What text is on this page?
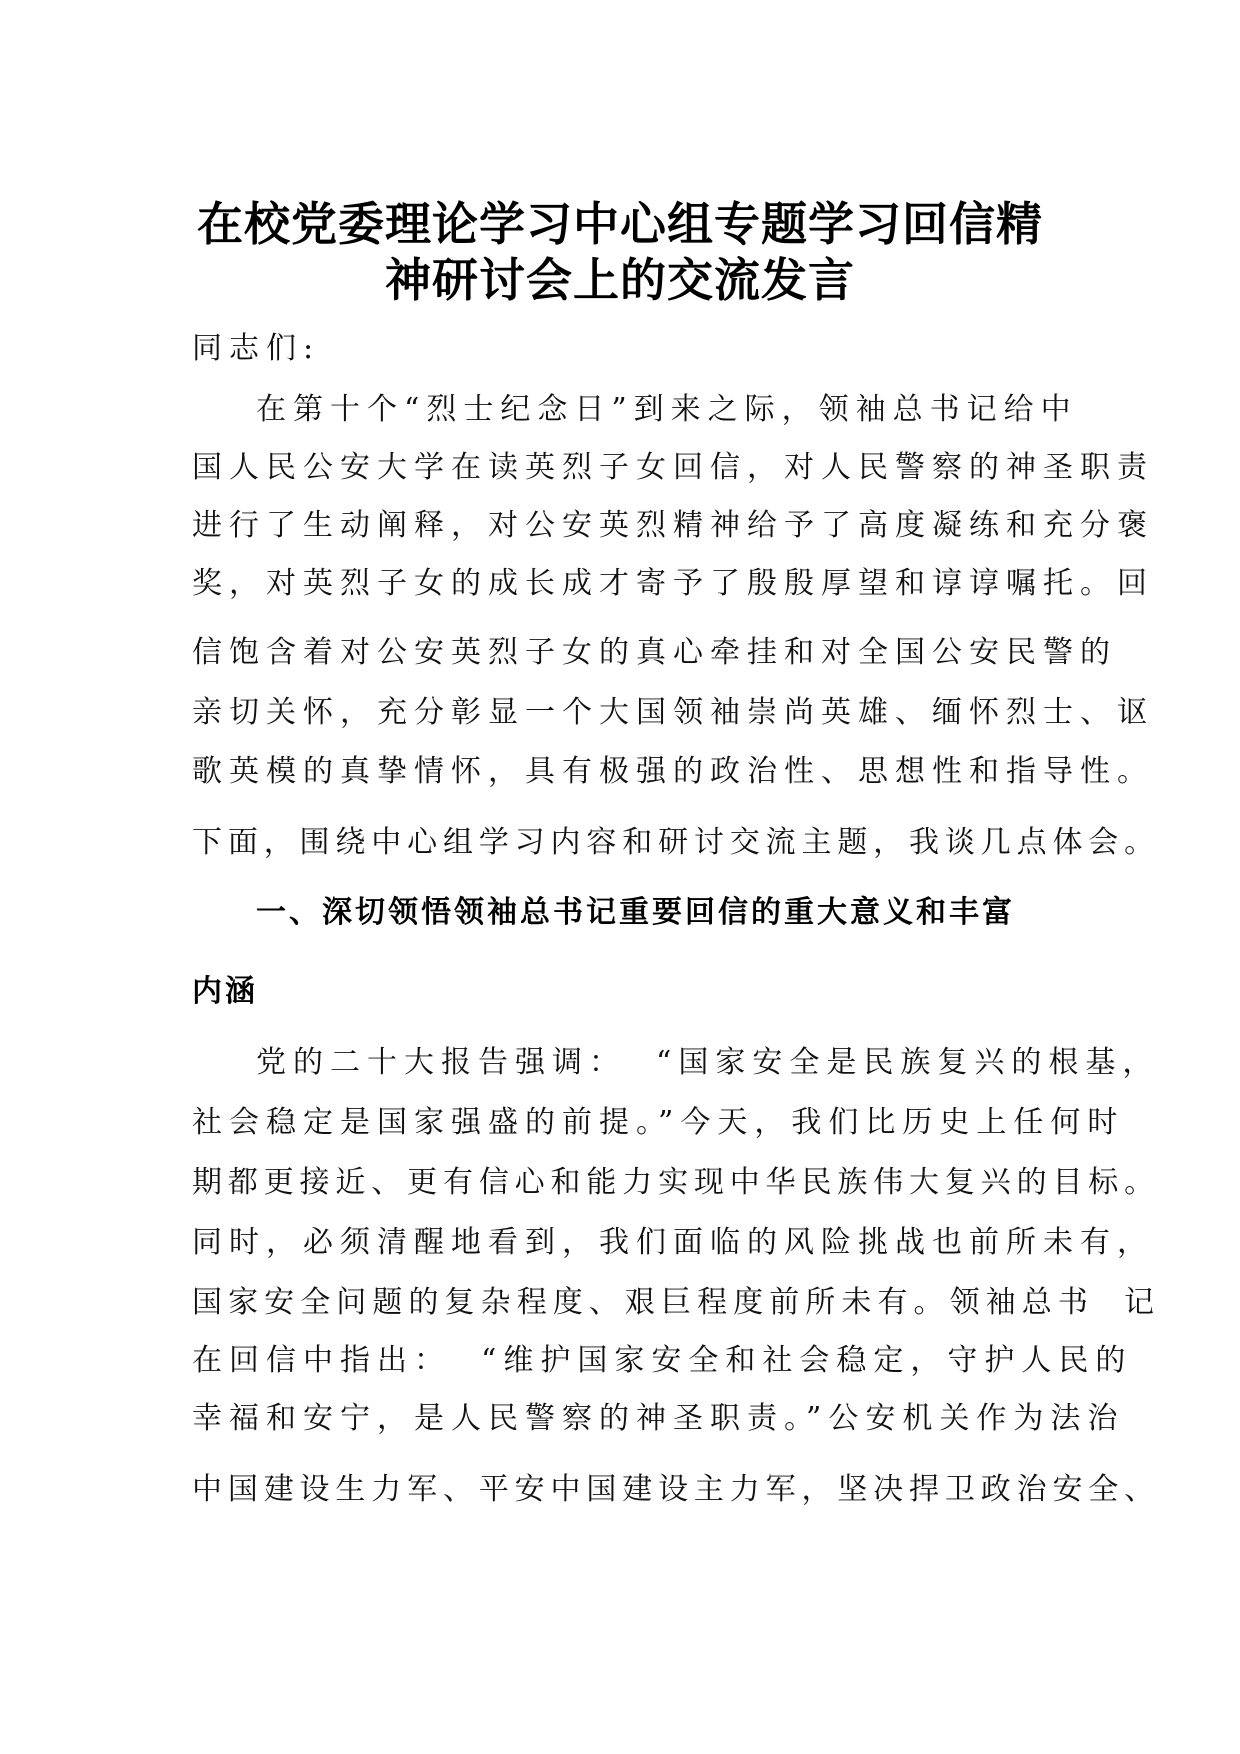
在校党委理论学习中心组专题学习回信精
神研讨会上的交流发言
同志们:
在第十个“烈士纪念日”到来之际，领袖总书记给中
国人民公安大学在读英烈子女回信，对人民警察的神圣职责
进行了生动阐释，对公安英烈精神给予了高度凝练和充分褒
奖，对英烈子女的成长成才寄予了殷殷厚望和谆谆嘱托。回
信饱含着对公安英烈子女的真心牵挂和对全国公安民警的
亲切关怀，充分彰显一个大国领袖崇尚英雄、缅怀烈士、讴
歌英模的真挚情怀，具有极强的政治性、思想性和指导性。
下面，围绕中心组学习内容和研讨交流主题，我谈几点体会。
一、深切领悟领袖总书记重要回信的重大意义和丰富
内涵
党的二十大报告强调： “国家安全是民族复兴的根基，
社会稳定是国家强盛的前提。”今天，我们比历史上任何时
期都更接近、更有信心和能力实现中华民族伟大复兴的目标。
同时，必须清醒地看到，我们面临的风险挑战也前所未有，
国家安全问题的复杂程度、艰巨程度前所未有。领袖总书 记
在回信中指出： “维护国家安全和社会稳定，守护人民的
幸福和安宁，是人民警察的神圣职责。”公安机关作为法治
中国建设生力军、平安中国建设主力军，坚决捍卫政治安全、
